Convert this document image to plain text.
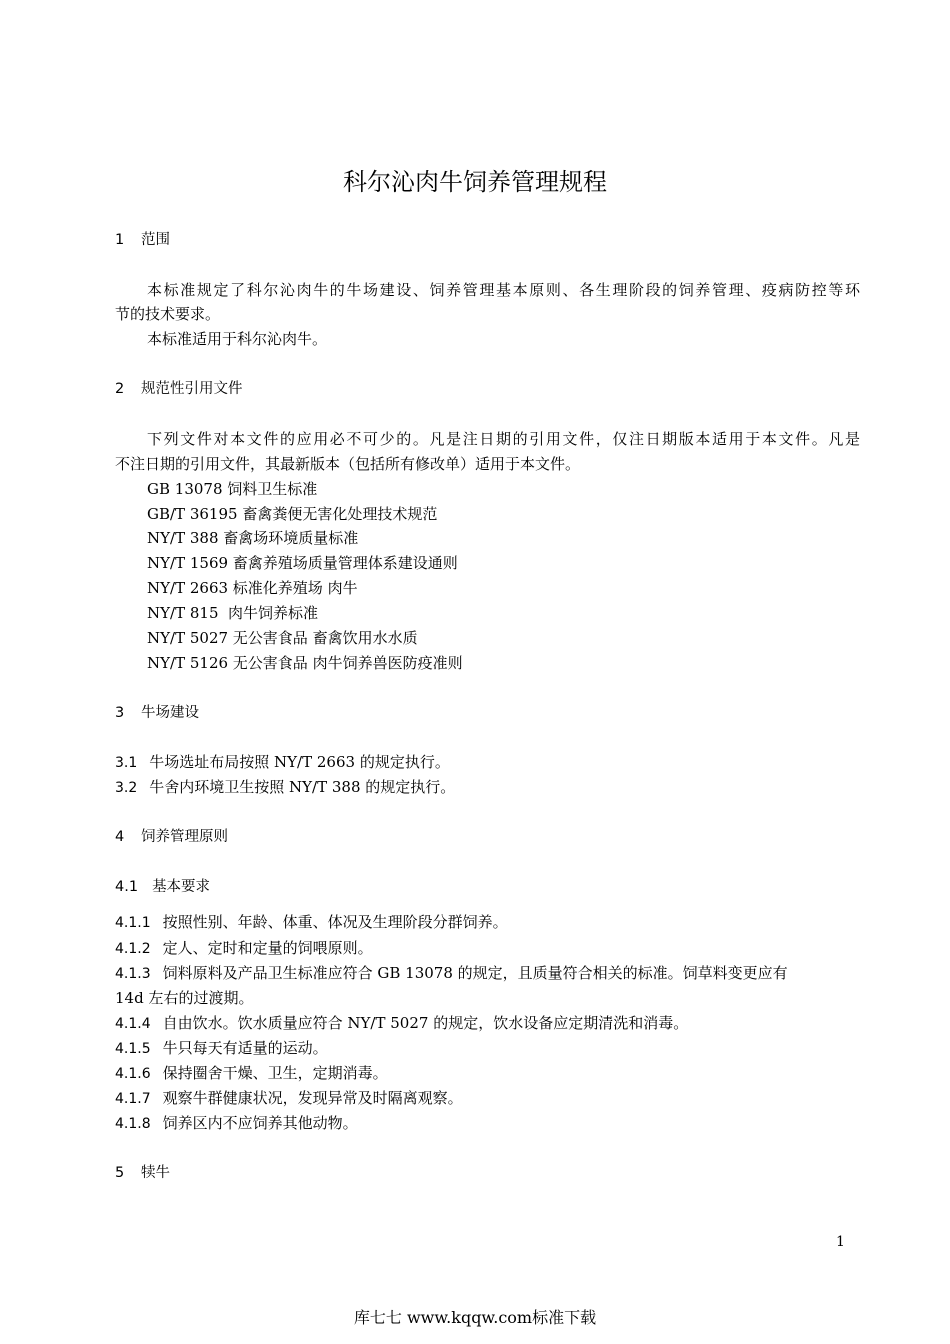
科尔沁肉牛饲养管理规程
1 范围
本标准规定了科尔沁肉牛的牛场建设、饲养管理基本原则、各生理阶段的饲养管理、疫病防控等环
节的技术要求。
本标准适用于科尔沁肉牛。
2 规范性引用文件
下列文件对本文件的应用必不可少的。凡是注日期的引用文件，仅注日期版本适用于本文件。凡是
不注日期的引用文件，其最新版本（包括所有修改单）适用于本文件。
GB 13078 饲料卫生标准
GB/T 36195 畜禽粪便无害化处理技术规范
NY/T 388 畜禽场环境质量标准
NY/T 1569 畜禽养殖场质量管理体系建设通则
NY/T 2663 标准化养殖场 肉牛
NY/T 815  肉牛饲养标准
NY/T 5027 无公害食品 畜禽饮用水水质
NY/T 5126 无公害食品 肉牛饲养兽医防疫准则
3 牛场建设
3.1 牛场选址布局按照 NY/T 2663 的规定执行。
3.2 牛舍内环境卫生按照 NY/T 388 的规定执行。
4 饲养管理原则
4.1 基本要求
4.1.1 按照性别、年龄、体重、体况及生理阶段分群饲养。
4.1.2 定人、定时和定量的饲喂原则。
4.1.3 饲料原料及产品卫生标准应符合 GB 13078 的规定，且质量符合相关的标准。饲草料变更应有
14d 左右的过渡期。
4.1.4 自由饮水。饮水质量应符合 NY/T 5027 的规定，饮水设备应定期清洗和消毒。
4.1.5 牛只每天有适量的运动。
4.1.6 保持圈舍干燥、卫生，定期消毒。
4.1.7 观察牛群健康状况，发现异常及时隔离观察。
4.1.8 饲养区内不应饲养其他动物。
5 犊牛
1
库七七 www.kqqw.com标准下载
